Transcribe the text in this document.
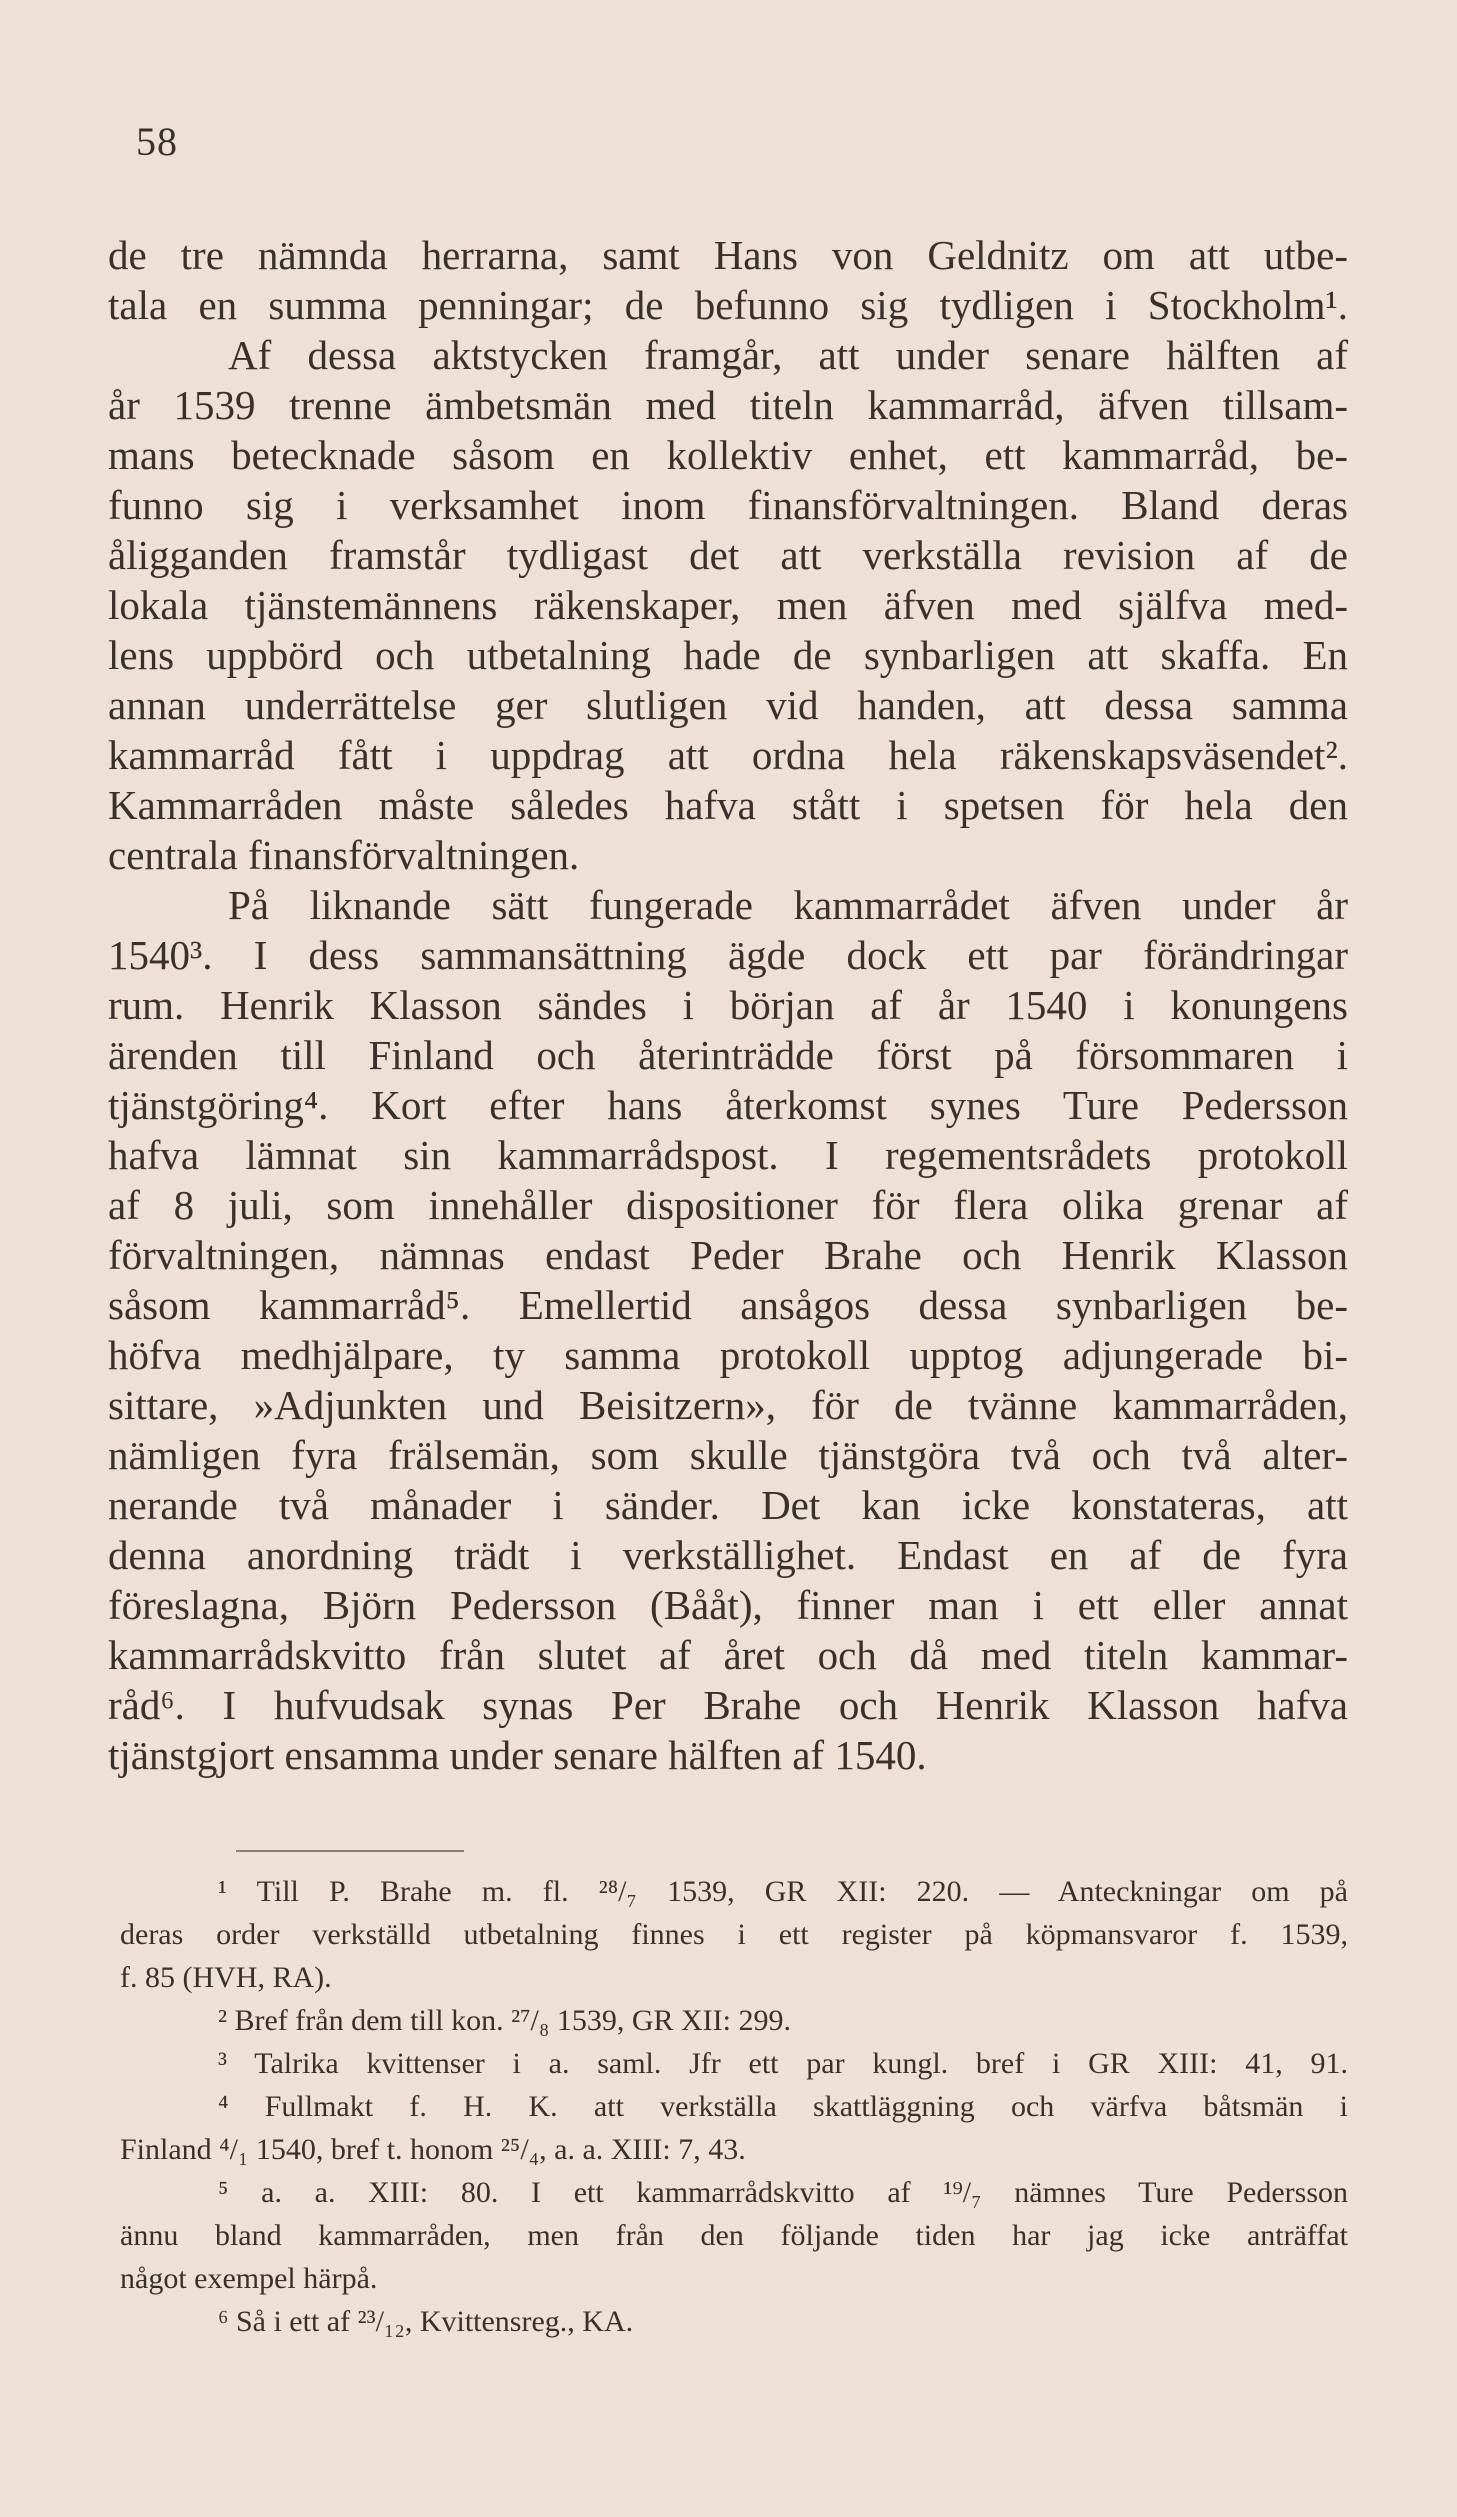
58
de tre nämnda herrarna, samt Hans von Geldnitz om att utbe-
tala en summa penningar; de befunno sig tydligen i Stockholm¹.
Af dessa aktstycken framgår, att under senare hälften af
år 1539 trenne ämbetsmän med titeln kammarråd, äfven tillsam-
mans betecknade såsom en kollektiv enhet, ett kammarråd, be-
funno sig i verksamhet inom finansförvaltningen. Bland deras
åligganden framstår tydligast det att verkställa revision af de
lokala tjänstemännens räkenskaper, men äfven med själfva med-
lens uppbörd och utbetalning hade de synbarligen att skaffa. En
annan underrättelse ger slutligen vid handen, att dessa samma
kammarråd fått i uppdrag att ordna hela räkenskapsväsendet².
Kammarråden måste således hafva stått i spetsen för hela den
centrala finansförvaltningen.
På liknande sätt fungerade kammarrådet äfven under år
1540³. I dess sammansättning ägde dock ett par förändringar
rum. Henrik Klasson sändes i början af år 1540 i konungens
ärenden till Finland och återinträdde först på försommaren i
tjänstgöring⁴. Kort efter hans återkomst synes Ture Pedersson
hafva lämnat sin kammarrådspost. I regementsrådets protokoll
af 8 juli, som innehåller dispositioner för flera olika grenar af
förvaltningen, nämnas endast Peder Brahe och Henrik Klasson
såsom kammarråd⁵. Emellertid ansågos dessa synbarligen be-
höfva medhjälpare, ty samma protokoll upptog adjungerade bi-
sittare, »Adjunkten und Beisitzern», för de tvänne kammarråden,
nämligen fyra frälsemän, som skulle tjänstgöra två och två alter-
nerande två månader i sänder. Det kan icke konstateras, att
denna anordning trädt i verkställighet. Endast en af de fyra
föreslagna, Björn Pedersson (Bååt), finner man i ett eller annat
kammarrådskvitto från slutet af året och då med titeln kammar-
råd⁶. I hufvudsak synas Per Brahe och Henrik Klasson hafva
tjänstgjort ensamma under senare hälften af 1540.
¹ Till P. Brahe m. fl. ²⁸/₇ 1539, GR XII: 220. — Anteckningar om på
deras order verkställd utbetalning finnes i ett register på köpmansvaror f. 1539,
f. 85 (HVH, RA).
² Bref från dem till kon. ²⁷/₈ 1539, GR XII: 299.
³ Talrika kvittenser i a. saml. Jfr ett par kungl. bref i GR XIII: 41, 91.
⁴ Fullmakt f. H. K. att verkställa skattläggning och värfva båtsmän i
Finland ⁴/₁ 1540, bref t. honom ²⁵/₄, a. a. XIII: 7, 43.
⁵ a. a. XIII: 80. I ett kammarrådskvitto af ¹⁹/₇ nämnes Ture Pedersson
ännu bland kammarråden, men från den följande tiden har jag icke anträffat
något exempel härpå.
⁶ Så i ett af ²³/₁₂, Kvittensreg., KA.
